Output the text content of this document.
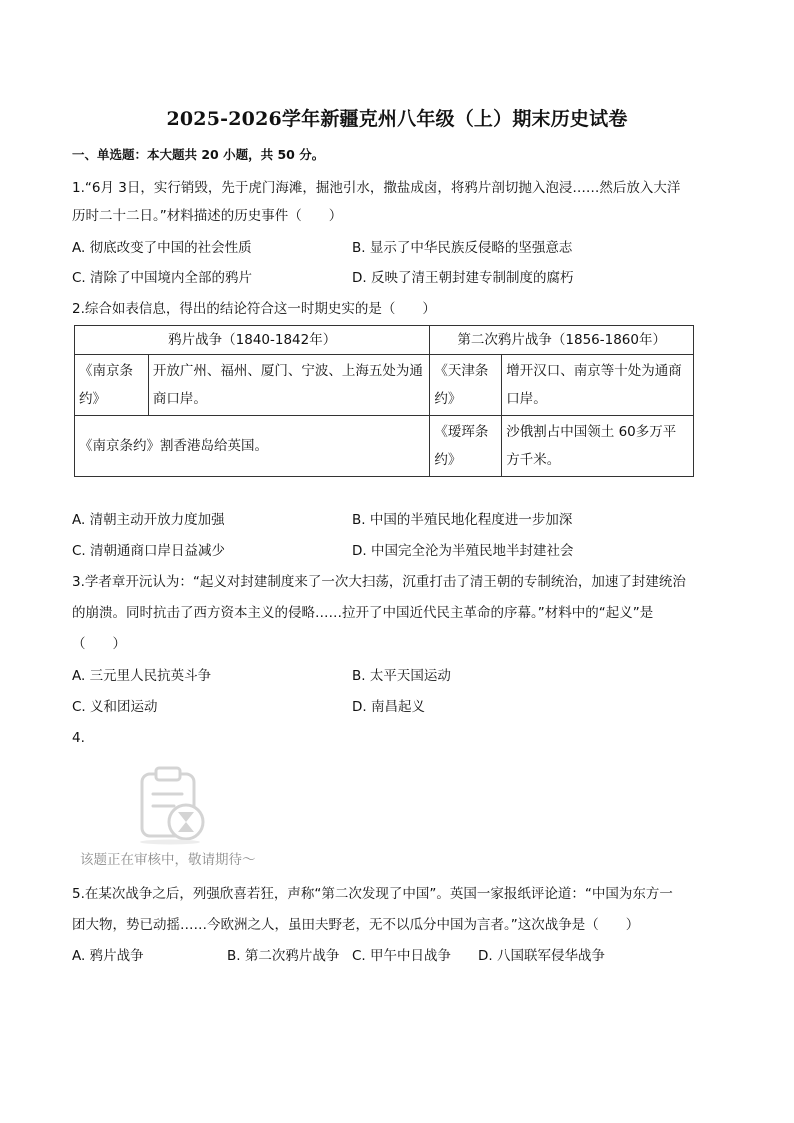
2025-2026学年新疆克州八年级（上）期末历史试卷
一、单选题：本大题共 20 小题，共 50 分。
1.“6月 3日，实行销毁，先于虎门海滩，掘池引水，撒盐成卤，将鸦片剖切抛入泡浸……然后放入大洋
历时二十二日。”材料描述的历史事件（　　）
A. 彻底改变了中国的社会性质	B. 显示了中华民族反侵略的坚强意志
C. 清除了中国境内全部的鸦片	D. 反映了清王朝封建专制制度的腐朽
2.综合如表信息，得出的结论符合这一时期史实的是（　　）
鸦片战争（1840-1842年）		第二次鸦片战争（1856-1860年）	
《南京条约》	开放广州、福州、厦门、宁波、上海五处为通商口岸。	《天津条约》	增开汉口、南京等十处为通商口岸。
《南京条约》割香港岛给英国。		《瑷珲条约》	沙俄割占中国领土 60多万平方千米。
A. 清朝主动开放力度加强	B. 中国的半殖民地化程度进一步加深
C. 清朝通商口岸日益减少	D. 中国完全沦为半殖民地半封建社会
3.学者章开沅认为：“起义对封建制度来了一次大扫荡，沉重打击了清王朝的专制统治，加速了封建统治
的崩溃。同时抗击了西方资本主义的侵略……拉开了中国近代民主革命的序幕。”材料中的“起义”是
（　　）
A. 三元里人民抗英斗争	B. 太平天国运动
C. 义和团运动	D. 南昌起义
4.
该题正在审核中，敬请期待～
5.在某次战争之后，列强欣喜若狂，声称“第二次发现了中国”。英国一家报纸评论道：“中国为东方一
团大物，势已动摇……今欧洲之人，虽田夫野老，无不以瓜分中国为言者。”这次战争是（　　）
A. 鸦片战争	B. 第二次鸦片战争 C. 甲午中日战争 D. 八国联军侵华战争
